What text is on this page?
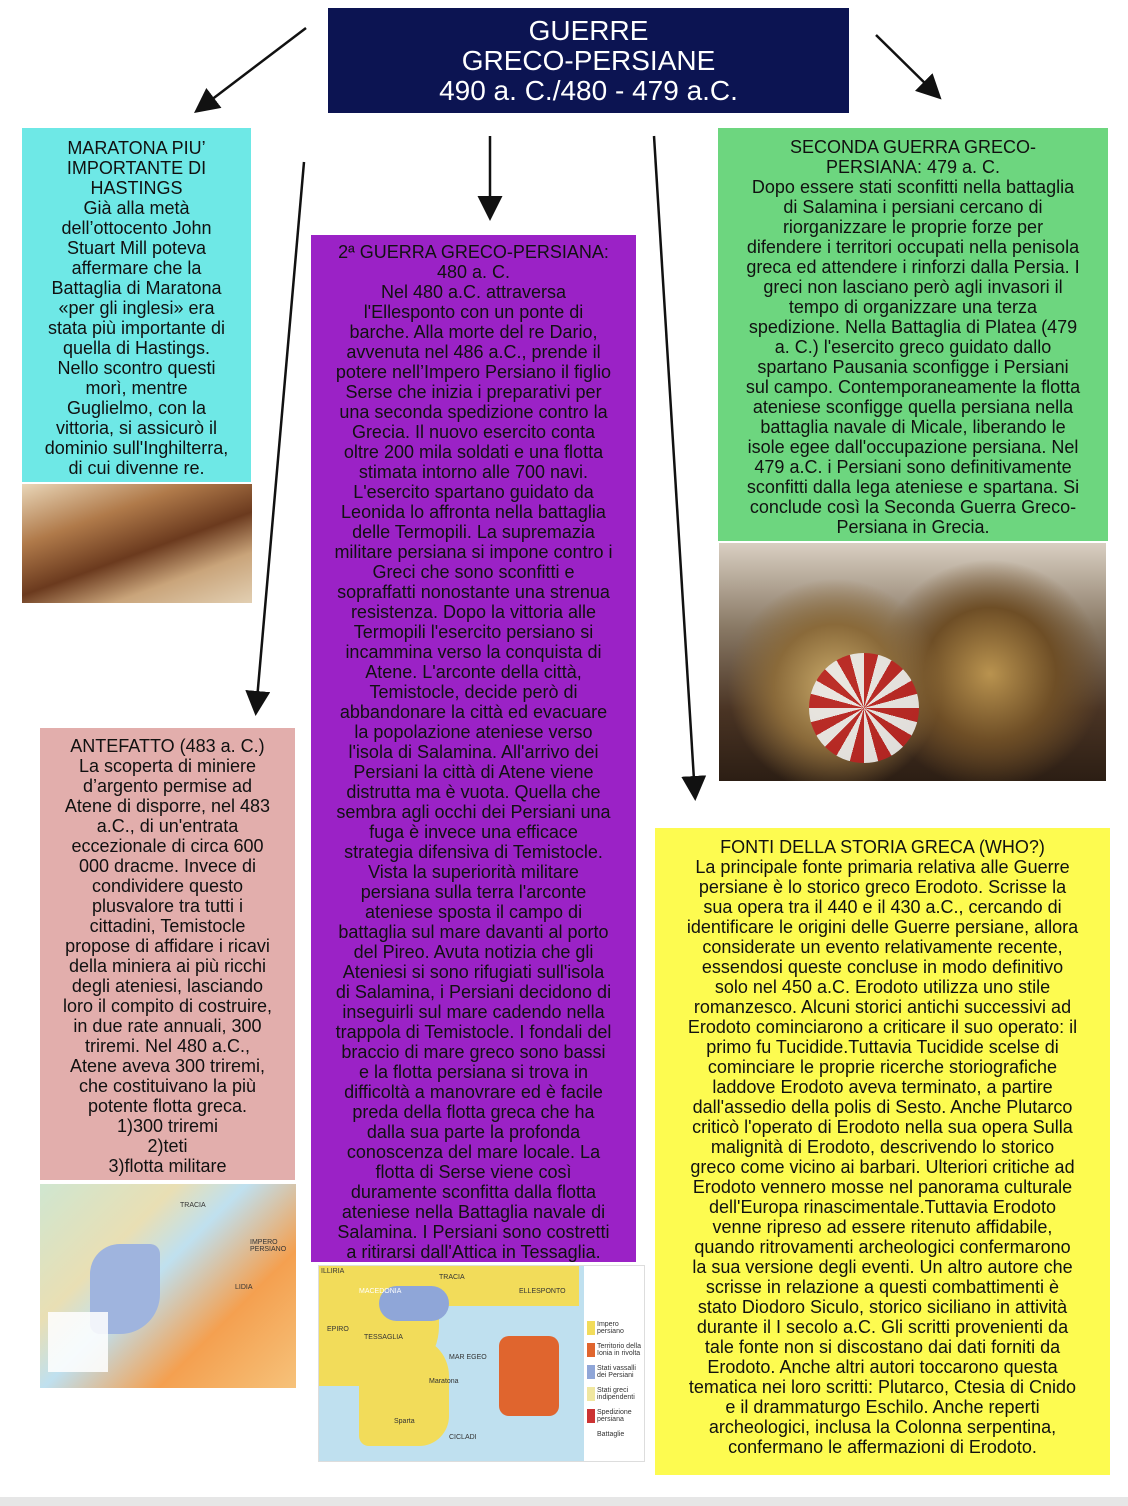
GUERRE
GRECO-PERSIANE
490 a. C./480 - 479 a.C.
MARATONA PIU’
IMPORTANTE DI
HASTINGS
Già alla metà
dell’ottocento John
Stuart Mill poteva
affermare che la
Battaglia di Maratona
«per gli inglesi» era
stata più importante di
quella di Hastings.
Nello scontro questi
morì, mentre
Guglielmo, con la
vittoria, si assicurò il
dominio sull'Inghilterra,
di cui divenne re.
2ª GUERRA GRECO-PERSIANA:
480 a. C.
Nel 480 a.C. attraversa
l'Ellesponto con un ponte di
barche. Alla morte del re Dario,
avvenuta nel 486 a.C., prende il
potere nell’Impero Persiano il figlio
Serse che inizia i preparativi per
una seconda spedizione contro la
Grecia. Il nuovo esercito conta
oltre 200 mila soldati e una flotta
stimata intorno alle 700 navi.
L'esercito spartano guidato da
Leonida lo affronta nella battaglia
delle Termopili. La supremazia
militare persiana si impone contro i
Greci che sono sconfitti e
sopraffatti nonostante una strenua
resistenza. Dopo la vittoria alle
Termopili l'esercito persiano si
incammina verso la conquista di
Atene. L'arconte della città,
Temistocle, decide però di
abbandonare la città ed evacuare
la popolazione ateniese verso
l'isola di Salamina. All'arrivo dei
Persiani la città di Atene viene
distrutta ma è vuota. Quella che
sembra agli occhi dei Persiani una
fuga è invece una efficace
strategia difensiva di Temistocle.
Vista la superiorità militare
persiana sulla terra l'arconte
ateniese sposta il campo di
battaglia sul mare davanti al porto
del Pireo. Avuta notizia che gli
Ateniesi si sono rifugiati sull'isola
di Salamina, i Persiani decidono di
inseguirli sul mare cadendo nella
trappola di Temistocle. I fondali del
braccio di mare greco sono bassi
e la flotta persiana si trova in
difficoltà a manovrare ed è facile
preda della flotta greca che ha
dalla sua parte la profonda
conoscenza del mare locale. La
flotta di Serse viene così
duramente sconfitta dalla flotta
ateniese nella Battaglia navale di
Salamina. I Persiani sono costretti
a ritirarsi dall'Attica in Tessaglia.
ILLIRIA
TRACIA
MACEDONIA	ELLESPONTO
TESSAGLIA
EPIRO
MAR EGEO
Maratona
Sparta
CICLADI
Impero persiano
Territorio della Ionia in rivolta
Stati vassalli dei Persiani
Stati greci indipendenti
Spedizione persiana
Battaglie
SECONDA GUERRA GRECO-
PERSIANA: 479 a. C.
Dopo essere stati sconfitti nella battaglia
di Salamina i persiani cercano di
riorganizzare le proprie forze per
difendere i territori occupati nella penisola
greca ed attendere i rinforzi dalla Persia. I
greci non lasciano però agli invasori il
tempo di organizzare una terza
spedizione. Nella Battaglia di Platea (479
a. C.) l'esercito greco guidato dallo
spartano Pausania sconfigge i Persiani
sul campo. Contemporaneamente la flotta
ateniese sconfigge quella persiana nella
battaglia navale di Micale, liberando le
isole egee dall'occupazione persiana. Nel
479 a.C. i Persiani sono definitivamente
sconfitti dalla lega ateniese e spartana. Si
conclude così la Seconda Guerra Greco-
Persiana in Grecia.
ANTEFATTO (483 a. C.)
La scoperta di miniere
d’argento permise ad
Atene di disporre, nel 483
a.C., di un'entrata
eccezionale di circa 600
000 dracme. Invece di
condividere questo
plusvalore tra tutti i
cittadini, Temistocle
propose di affidare i ricavi
della miniera ai più ricchi
degli ateniesi, lasciando
loro il compito di costruire,
in due rate annuali, 300
triremi. Nel 480 a.C.,
Atene aveva 300 triremi,
che costituivano la più
potente flotta greca.
1)300 triremi
2)teti
3)flotta militare
IMPERO PERSIANO
TRACIA
LIDIA
FONTI DELLA STORIA GRECA (WHO?)
La principale fonte primaria relativa alle Guerre
persiane è lo storico greco Erodoto. Scrisse la
sua opera tra il 440 e il 430 a.C., cercando di
identificare le origini delle Guerre persiane, allora
considerate un evento relativamente recente,
essendosi queste concluse in modo definitivo
solo nel 450 a.C. Erodoto utilizza uno stile
romanzesco. Alcuni storici antichi successivi ad
Erodoto cominciarono a criticare il suo operato: il
primo fu Tucidide.Tuttavia Tucidide scelse di
cominciare le proprie ricerche storiografiche
laddove Erodoto aveva terminato, a partire
dall'assedio della polis di Sesto. Anche Plutarco
criticò l'operato di Erodoto nella sua opera Sulla
malignità di Erodoto, descrivendo lo storico
greco come vicino ai barbari. Ulteriori critiche ad
Erodoto vennero mosse nel panorama culturale
dell'Europa rinascimentale.Tuttavia Erodoto
venne ripreso ad essere ritenuto affidabile,
quando ritrovamenti archeologici confermarono
la sua versione degli eventi. Un altro autore che
scrisse in relazione a questi combattimenti è
stato Diodoro Siculo, storico siciliano in attività
durante il I secolo a.C. Gli scritti provenienti da
tale fonte non si discostano dai dati forniti da
Erodoto. Anche altri autori toccarono questa
tematica nei loro scritti: Plutarco, Ctesia di Cnido
e il drammaturgo Eschilo. Anche reperti
archeologici, inclusa la Colonna serpentina,
confermano le affermazioni di Erodoto.
